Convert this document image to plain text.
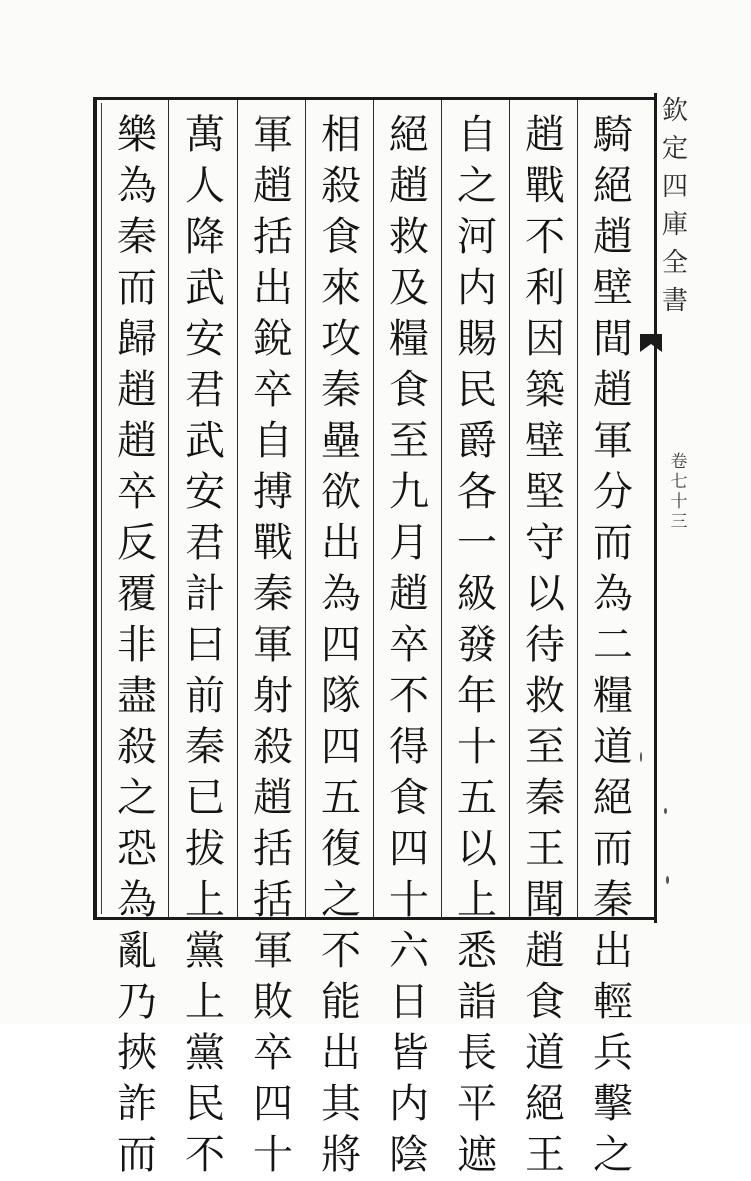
欽
定
四
庫
全
書
卷
七
十
三
騎
絕
趙
壁
間
趙
軍
分
而
為
二
糧
道
絕
而
秦
出
輕
兵
擊
之
趙
戰
不
利
因
築
壁
堅
守
以
待
救
至
秦
王
聞
趙
食
道
絕
王
自
之
河
内
賜
民
爵
各
一
級
發
年
十
五
以
上
悉
詣
長
平
遮
絕
趙
救
及
糧
食
至
九
月
趙
卒
不
得
食
四
十
六
日
皆
内
陰
相
殺
食
來
攻
秦
壘
欲
出
為
四
隊
四
五
復
之
不
能
出
其
將
軍
趙
括
出
銳
卒
自
搏
戰
秦
軍
射
殺
趙
括
括
軍
敗
卒
四
十
萬
人
降
武
安
君
武
安
君
計
曰
前
秦
已
拔
上
黨
上
黨
民
不
樂
為
秦
而
歸
趙
趙
卒
反
覆
非
盡
殺
之
恐
為
亂
乃
挾
詐
而
